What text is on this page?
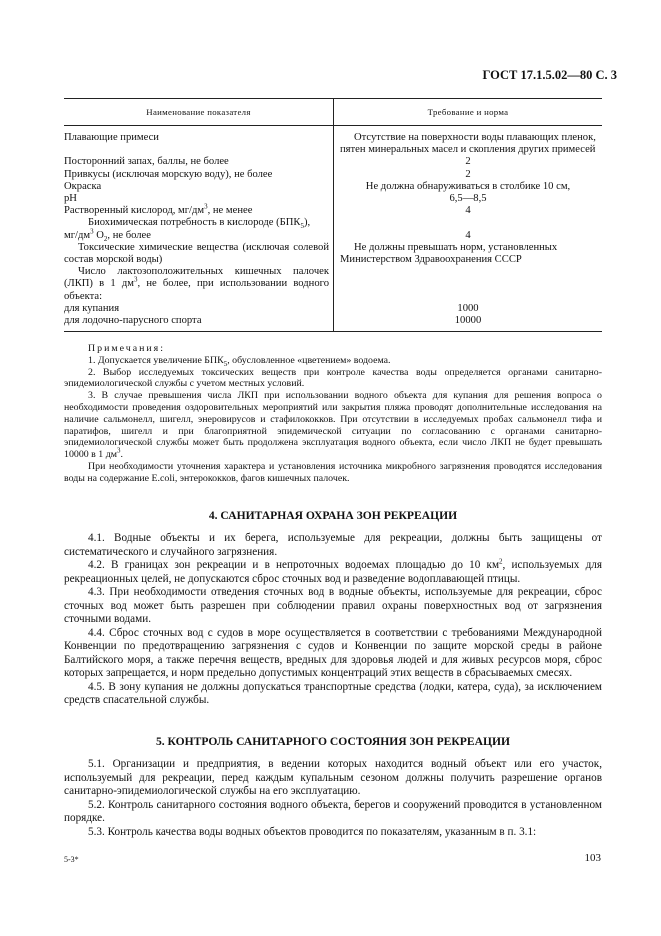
ГОСТ 17.1.5.02—80 С. 3
Наименование показателя	Требование и норма
Плавающие примеси	Отсутствие на поверхности воды плавающих пленок, пятен минеральных масел и скопления других примесей
Посторонний запах, баллы, не более	2
Привкусы (исключая морскую воду), не более	2
Окраска	Не должна обнаруживаться в столбике 10 см,
pH	6,5—8,5
Растворенный кислород, $мг/дм^3$, не менее	4

Биохимическая потребность в кислороде $(БПК_5)$,
$мг/дм^3$ $О_2$, не более	4
Токсические химические вещества (исключая солевой состав морской воды)	Не должны превышать норм, установленных Министерством Здравоохранения СССР
Число лактозоположительных кишечных палочек (ЛКП) в 1 $дм^3$, не более, при использовании водного объекта:	
для купания	1000
для лодочно-парусного спорта	10000

Примечания:

1. Допускается увеличение $БПК_5$, обусловленное «цветением» водоема.

2. Выбор исследуемых токсических веществ при контроле качества воды определяется органами санитарно-эпидемиологической службы с учетом местных условий.

3. В случае превышения числа ЛКП при использовании водного объекта для купания для решения вопроса о необходимости проведения оздоровительных мероприятий или закрытия пляжа проводят дополнительные исследования на наличие сальмонелл, шигелл, энеровирусов и стафилококков. При отсутствии в исследуемых пробах сальмонелл тифа и паратифов, шигелл и при благоприятной эпидемической ситуации по согласованию с органами санитарно-эпидемиологической службы может быть продолжена эксплуатация водного объекта, если число ЛКП не будет превышать 10000 в 1 $дм^3$.

При необходимости уточнения характера и установления источника микробного загрязнения проводятся исследования воды на содержание E.coli, энтерококков, фагов кишечных палочек.

4. САНИТАРНАЯ ОХРАНА ЗОН РЕКРЕАЦИИ

4.1. Водные объекты и их берега, используемые для рекреации, должны быть защищены от систематического и случайного загрязнения.

4.2. В границах зон рекреации и в непроточных водоемах площадью до 10 $км^2$, используемых для рекреационных целей, не допускаются сброс сточных вод и разведение водоплавающей птицы.

4.3. При необходимости отведения сточных вод в водные объекты, используемые для рекреации, сброс сточных вод может быть разрешен при соблюдении правил охраны поверхностных вод от загрязнения сточными водами.

4.4. Сброс сточных вод с судов в море осуществляется в соответствии с требованиями Международной Конвенции по предотвращению загрязнения с судов и Конвенции по защите морской среды в районе Балтийского моря, а также перечня веществ, вредных для здоровья людей и для живых ресурсов моря, сброс которых запрещается, и норм предельно допустимых концентраций этих веществ в сбрасываемых смесях.

4.5. В зону купания не должны допускаться транспортные средства (лодки, катера, суда), за исключением средств спасательной службы.

5. КОНТРОЛЬ САНИТАРНОГО СОСТОЯНИЯ ЗОН РЕКРЕАЦИИ

5.1. Организации и предприятия, в ведении которых находится водный объект или его участок, используемый для рекреации, перед каждым купальным сезоном должны получить разрешение органов санитарно-эпидемиологической службы на его эксплуатацию.

5.2. Контроль санитарного состояния водного объекта, берегов и сооружений проводится в установленном порядке.

5.3. Контроль качества воды водных объектов проводится по показателям, указанным в п. 3.1:

5-3*	103
